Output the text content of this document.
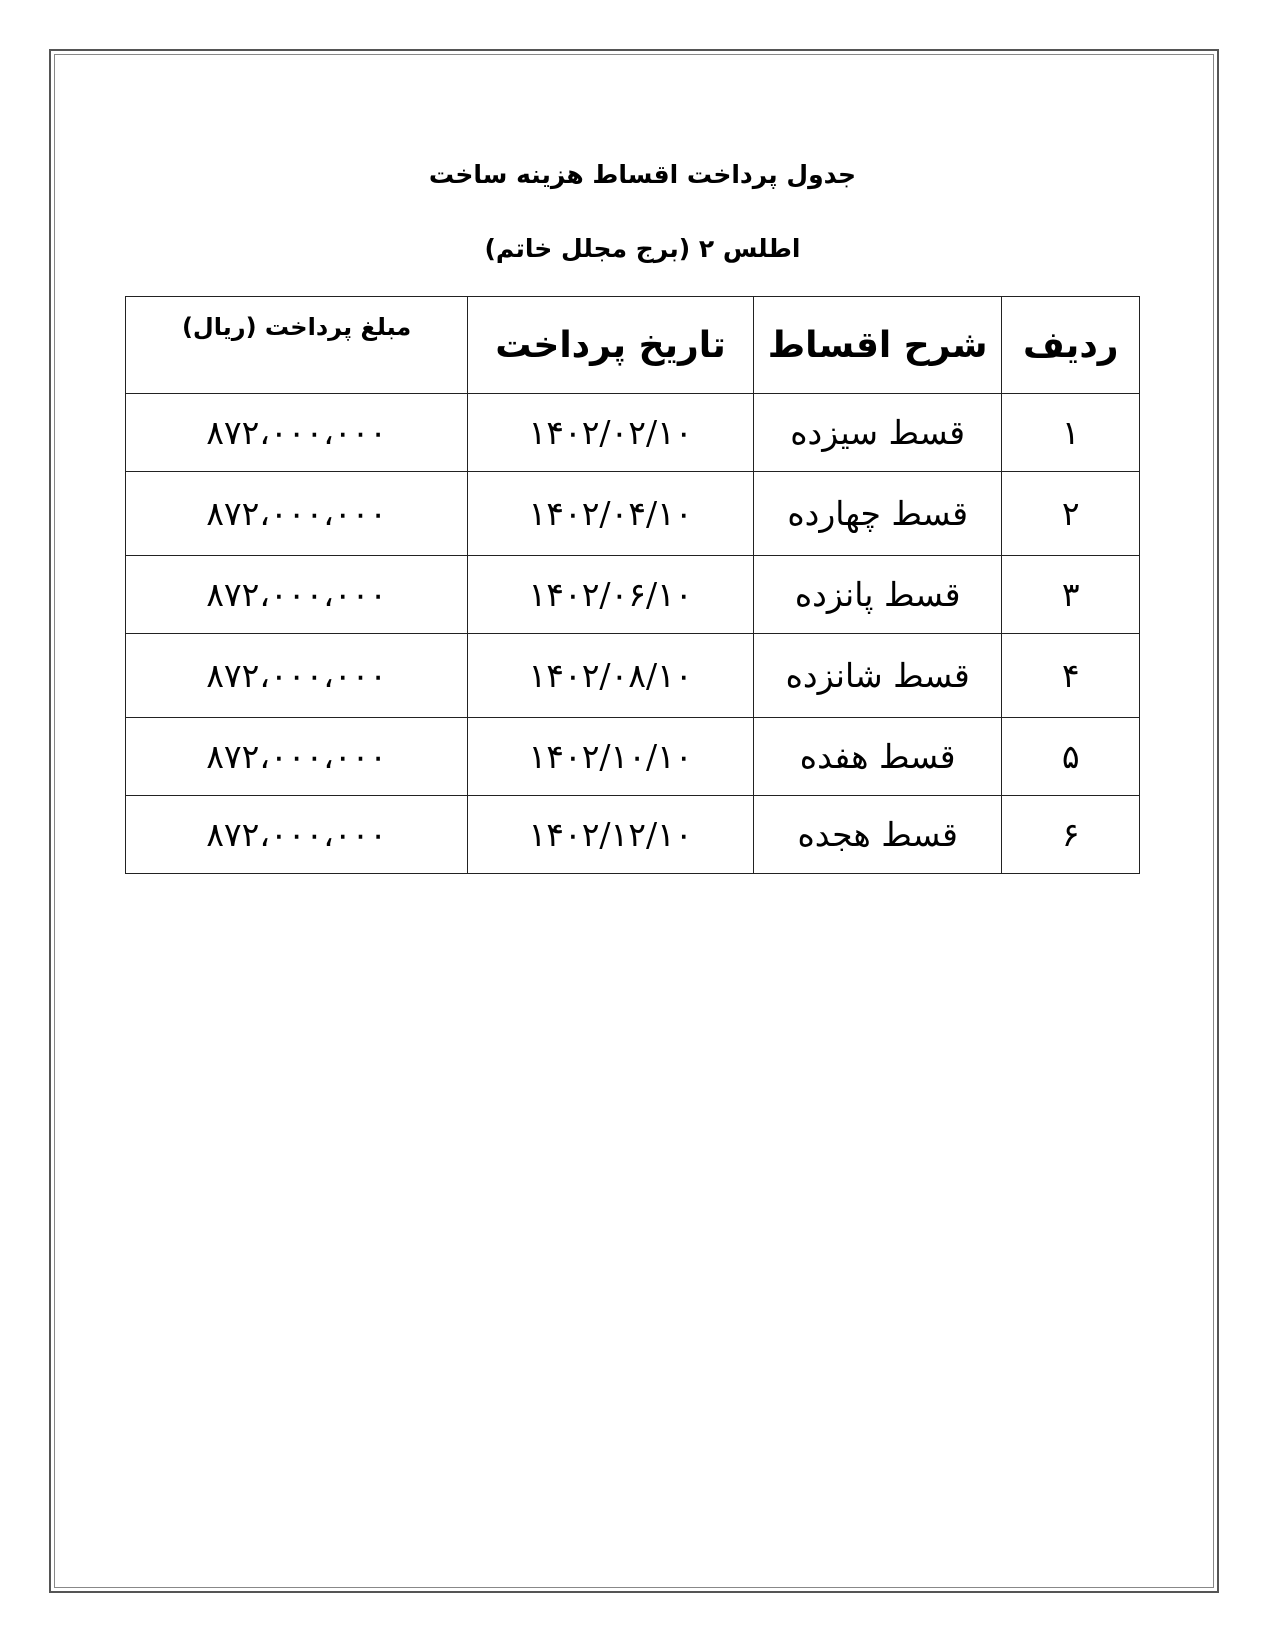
جدول پرداخت اقساط هزینه ساخت
اطلس ۲ (برج مجلل خاتم)
ردیف	شرح اقساط	تاریخ پرداخت	مبلغ پرداخت (ریال)
۱	قسط سیزده	۱۴۰۲/۰۲/۱۰	۸۷۲،۰۰۰،۰۰۰
۲	قسط چهارده	۱۴۰۲/۰۴/۱۰	۸۷۲،۰۰۰،۰۰۰
۳	قسط پانزده	۱۴۰۲/۰۶/۱۰	۸۷۲،۰۰۰،۰۰۰
۴	قسط شانزده	۱۴۰۲/۰۸/۱۰	۸۷۲،۰۰۰،۰۰۰
۵	قسط هفده	۱۴۰۲/۱۰/۱۰	۸۷۲،۰۰۰،۰۰۰
۶	قسط هجده	۱۴۰۲/۱۲/۱۰	۸۷۲،۰۰۰،۰۰۰
